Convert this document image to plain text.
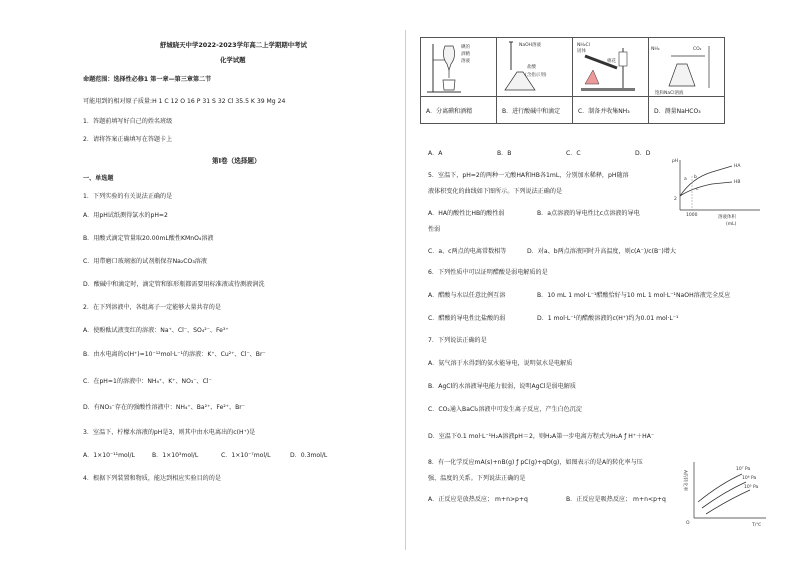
舒城晓天中学2022-2023学年高二上学期期中考试
化学试题
命题范围：选择性必修1 第一章—第三章第二节
可能用到的相对原子质量:H 1 C 12 O 16 P 31 S 32 Cl 35.5 K 39 Mg 24
1．答题前填写好自己的姓名班级
2．请将答案正确填写在答题卡上
第Ⅰ卷（选择题）
一、单选题
1．下列实验的有关说法正确的是
A．用pH试纸测得氯水的pH=2
B．用酸式滴定管量取20.00mL酸性KMnO₄溶液
C．用带磨口玻璃塞的试剂瓶保存Na₂CO₃溶液
D．酸碱中和滴定时，滴定管和锥形瓶都需要用标准液或待测液润洗
2．在下列溶液中，各组离子一定能够大量共存的是
A．使酚酞试液变红的溶液：Na⁺、Cl⁻、SO₄²⁻、Fe³⁺
B．由水电离的c(H⁺)=10⁻¹²mol·L⁻¹的溶液：K⁺、Cu²⁺、Cl⁻、Br⁻
C．在pH=1的溶液中：NH₄⁺、K⁺、NO₃⁻、Cl⁻
D．有NO₃⁻存在的强酸性溶液中：NH₄⁺、Ba²⁺、Fe²⁺、Br⁻
3．室温下，柠檬水溶液的pH是3，则其中由水电离出的c(H⁺)是
A．1×10⁻¹¹mol/L	B．1×10³mol/L	C．1×10⁻⁷mol/L	D．0.3mol/L
4．根据下列装置和物质，能达到相应实验目的的是
碘的
酒精
溶液	NaOH溶液
盐酸
(含指示剂)	NH₄Cl
固体
棉花	NH₄ CO₂
饱和NaCl溶液

A．分离碘和酒精	B．进行酸碱中和滴定	C．制备并收集NH₃	D．测量NaHCO₃
A．A	B．B	C．C	D．D
5．室温下，pH=2的两种一元酸HA和HB各1mL，分别加水稀释，pH随溶
液体积变化的曲线如下图所示。下列说法正确的是
A．HA的酸性比HB的酸性弱	B．a点溶液的导电性比c点溶液的导电
性弱
C．a、c两点的电离常数相等	D．对a、b两点溶液同时升高温度，则c(A⁻)/c(B⁻)增大
pH
HA
HB
a b
c
2
1000	溶液体积
(mL)
6．下列性质中可以证明醋酸是弱电解质的是
A．醋酸与水以任意比例互溶	B．10 mL 1 mol·L⁻¹醋酸恰好与10 mL 1 mol·L⁻¹NaOH溶液完全反应
C．醋酸的导电性比盐酸的弱	D．1 mol·L⁻¹的醋酸溶液的c(H⁺)约为0.01 mol·L⁻¹
7．下列说法正确的是
A．氨气溶于水得到的氨水能导电，说明氨水是电解质
B．AgCl的水溶液导电能力很弱，说明AgCl是弱电解质
C．CO₂通入BaCl₂溶液中可发生离子反应，产生白色沉淀
D．室温下0.1 mol·L⁻¹H₂A溶液pH＝2，则H₂A第一步电离方程式为H₂A ƒ H⁺＋HA⁻
8．有一化学反应mA(s)+nB(g) ƒ pC(g)+qD(g)，如图表示的是A的转化率与压
强、温度的关系。下列说法正确的是
A．正反应是放热反应； m+n>p+q	B．正反应是吸热反应； m+n<p+q
A的转化率
10⁷ Pa
10⁶ Pa
10⁵ Pa
O	T/℃
